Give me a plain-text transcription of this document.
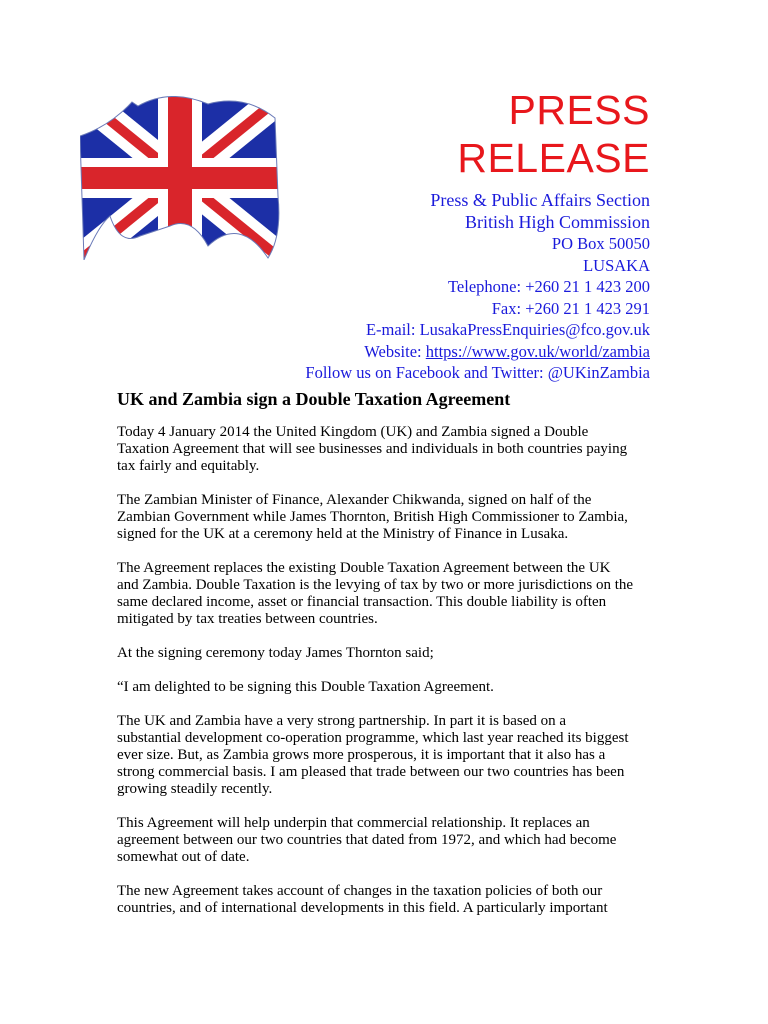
PRESS
RELEASE
Press & Public Affairs Section
British High Commission
PO Box 50050
LUSAKA
Telephone: +260 21 1 423 200
Fax: +260 21 1 423 291
E-mail: LusakaPressEnquiries@fco.gov.uk
Website: https://www.gov.uk/world/zambia
Follow us on Facebook and Twitter: @UKinZambia
UK and Zambia sign a Double Taxation Agreement

Today 4 January 2014 the United Kingdom (UK) and Zambia signed a Double
Taxation Agreement that will see businesses and individuals in both countries paying
tax fairly and equitably.

The Zambian Minister of Finance, Alexander Chikwanda, signed on half of the
Zambian Government while James Thornton, British High Commissioner to Zambia,
signed for the UK at a ceremony held at the Ministry of Finance in Lusaka.

The Agreement replaces the existing Double Taxation Agreement between the UK
and Zambia. Double Taxation is the levying of tax by two or more jurisdictions on the
same declared income, asset or financial transaction. This double liability is often
mitigated by tax treaties between countries.

At the signing ceremony today James Thornton said;

“I am delighted to be signing this Double Taxation Agreement.

The UK and Zambia have a very strong partnership. In part it is based on a
substantial development co-operation programme, which last year reached its biggest
ever size. But, as Zambia grows more prosperous, it is important that it also has a
strong commercial basis. I am pleased that trade between our two countries has been
growing steadily recently.

This Agreement will help underpin that commercial relationship. It replaces an
agreement between our two countries that dated from 1972, and which had become
somewhat out of date.

The new Agreement takes account of changes in the taxation policies of both our
countries, and of international developments in this field. A particularly important
